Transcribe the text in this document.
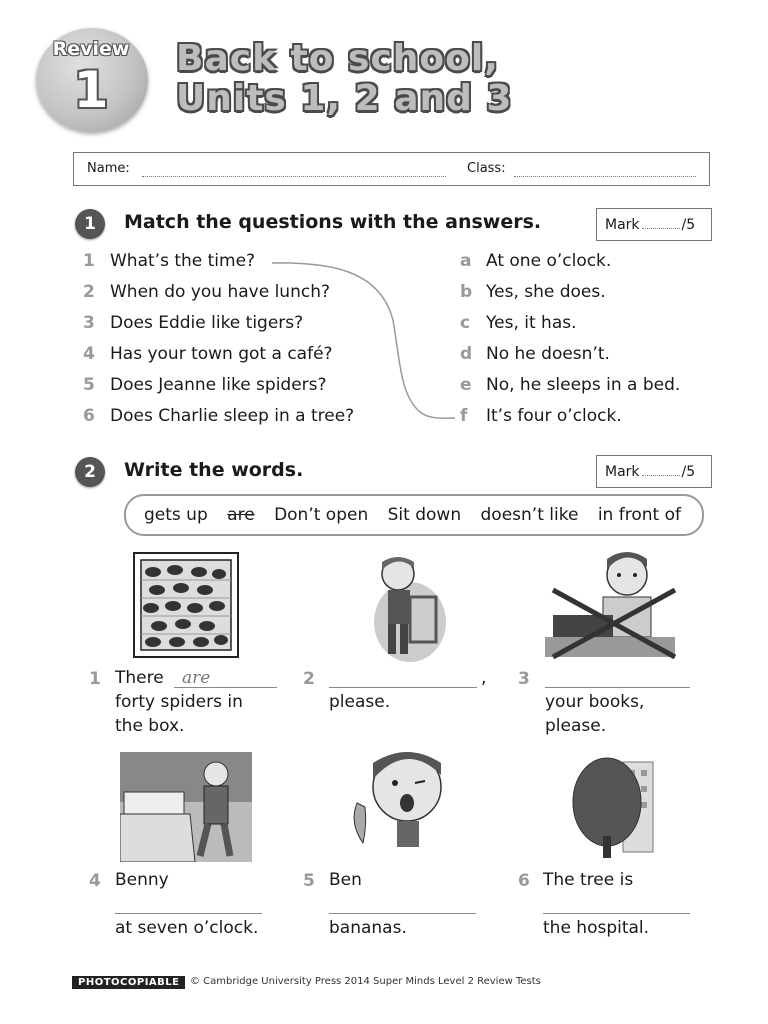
Review
1
Back to school,
Units 1, 2 and 3
Name:	Class:
1	Match the questions with the answers.	Mark	/5
1 What’s the time?
2 When do you have lunch?
3 Does Eddie like tigers?
4 Has your town got a café?
5 Does Jeanne like spiders?
6 Does Charlie sleep in a tree?
a At one o’clock.
b Yes, she does.
c Yes, it has.
d No he doesn’t.
e No, he sleeps in a bed.
f It’s four o’clock.
2	Write the words.	Mark	/5
gets up are Don’t open Sit down doesn’t like in front of
1 There are
forty spiders in
the box.
2	,
please.
3
your books,
please.
4 Benny
at seven o’clock.
5 Ben
bananas.
6 The tree is
the hospital.
PHOTOCOPIABLE	© Cambridge University Press 2014 Super Minds Level 2 Review Tests
